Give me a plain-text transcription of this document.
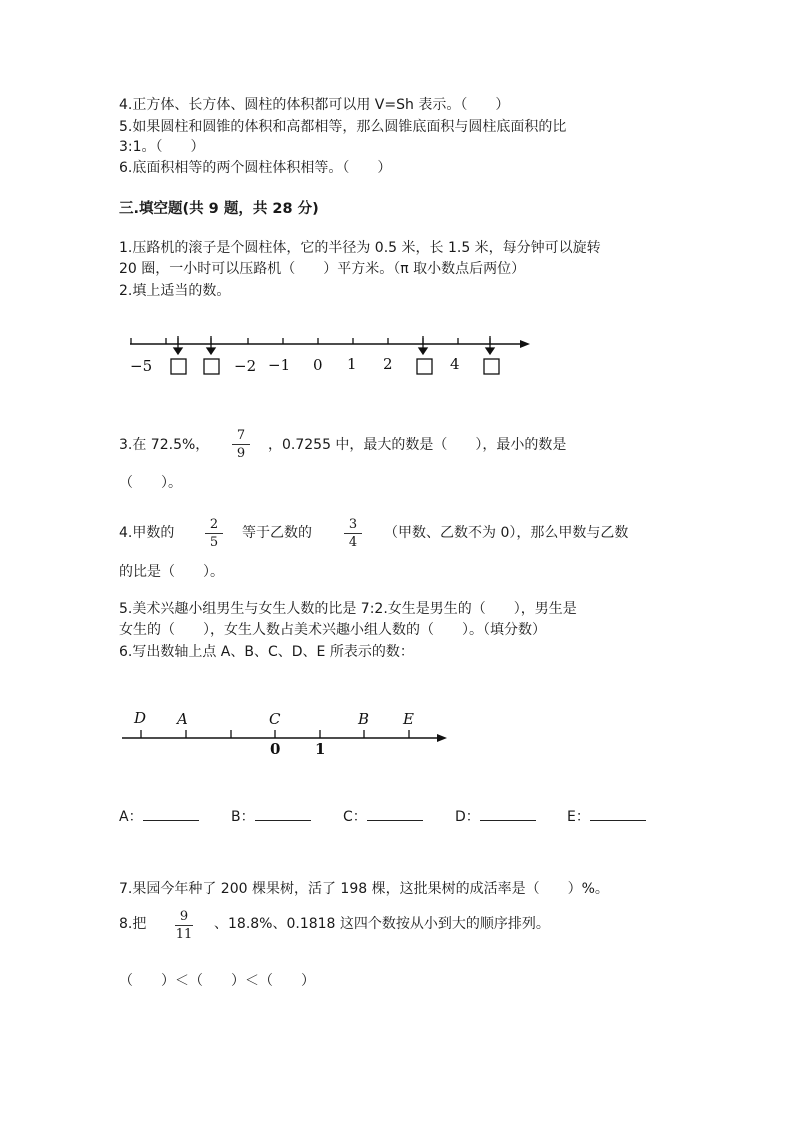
4.正方体、长方体、圆柱的体积都可以用 V=Sh 表示。（　　）
5.如果圆柱和圆锥的体积和高都相等，那么圆锥底面积与圆柱底面积的比
3:1。（　　）
6.底面积相等的两个圆柱体积相等。（　　）
三.填空题(共 9 题，共 28 分)
1.压路机的滚子是个圆柱体，它的半径为 0.5 米，长 1.5 米，每分钟可以旋转
20 圈，一小时可以压路机（　　）平方米。（π 取小数点后两位）
2.填上适当的数。
−5	−2 −1 0 1 2	4
3.在 72.5%，
7
9
，0.7255 中，最大的数是（　　），最小的数是
（　　）。
4.甲数的
2
5
等于乙数的
3
4
（甲数、乙数不为 0），那么甲数与乙数
的比是（　　）。
5.美术兴趣小组男生与女生人数的比是 7:2.女生是男生的（　　），男生是
女生的（　　），女生人数占美术兴趣小组人数的（　　）。（填分数）
6.写出数轴上点 A、B、C、D、E 所表示的数：
D A	C	B E
0 1
A：	B：	C：	D：	E：
7.果园今年种了 200 棵果树，活了 198 棵，这批果树的成活率是（　　）%。
8.把	9
11
、18.8%、0.1818 这四个数按从小到大的顺序排列。
（　　）＜（　　）＜（　　）
